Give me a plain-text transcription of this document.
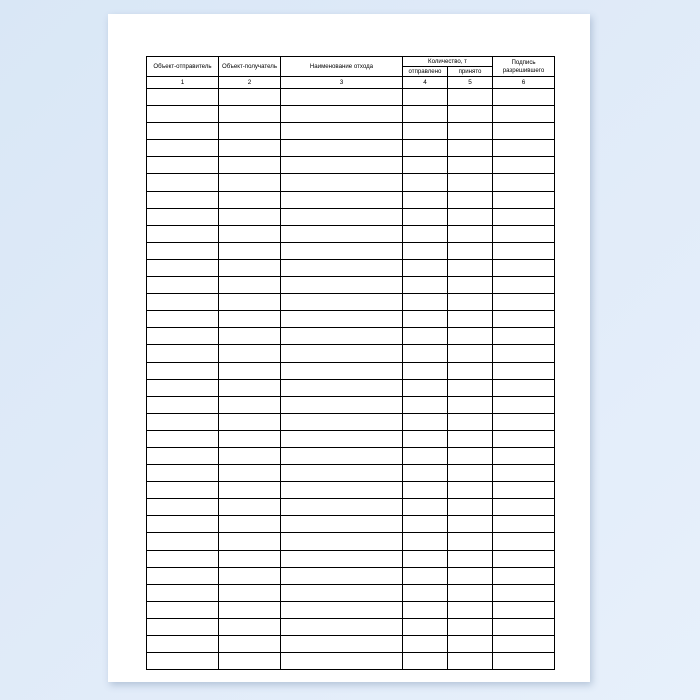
Объект-отправитель	Объект-получатель	Наименование отхода	Количество, т		Подпись разрешившего
			отправлено	принято	
1	2	3	4	5	6
